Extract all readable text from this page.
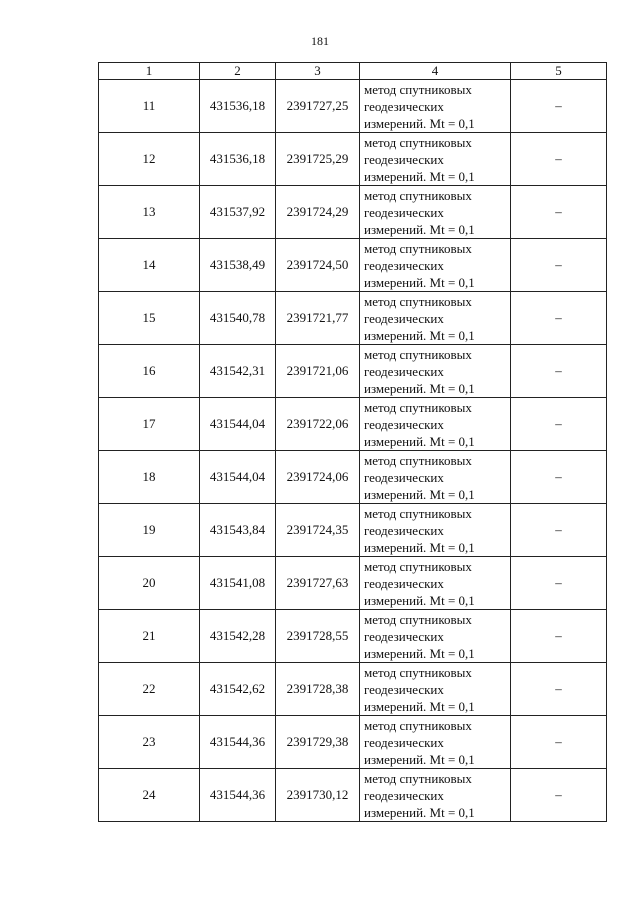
181
1	2	3	4	5
11	431536,18	2391727,25	метод спутниковых
геодезических
измерений. Mt = 0,1	–
12	431536,18	2391725,29	метод спутниковых
геодезических
измерений. Mt = 0,1	–
13	431537,92	2391724,29	метод спутниковых
геодезических
измерений. Mt = 0,1	–
14	431538,49	2391724,50	метод спутниковых
геодезических
измерений. Mt = 0,1	–
15	431540,78	2391721,77	метод спутниковых
геодезических
измерений. Mt = 0,1	–
16	431542,31	2391721,06	метод спутниковых
геодезических
измерений. Mt = 0,1	–
17	431544,04	2391722,06	метод спутниковых
геодезических
измерений. Mt = 0,1	–
18	431544,04	2391724,06	метод спутниковых
геодезических
измерений. Mt = 0,1	–
19	431543,84	2391724,35	метод спутниковых
геодезических
измерений. Mt = 0,1	–
20	431541,08	2391727,63	метод спутниковых
геодезических
измерений. Mt = 0,1	–
21	431542,28	2391728,55	метод спутниковых
геодезических
измерений. Mt = 0,1	–
22	431542,62	2391728,38	метод спутниковых
геодезических
измерений. Mt = 0,1	–
23	431544,36	2391729,38	метод спутниковых
геодезических
измерений. Mt = 0,1	–
24	431544,36	2391730,12	метод спутниковых
геодезических
измерений. Mt = 0,1	–
